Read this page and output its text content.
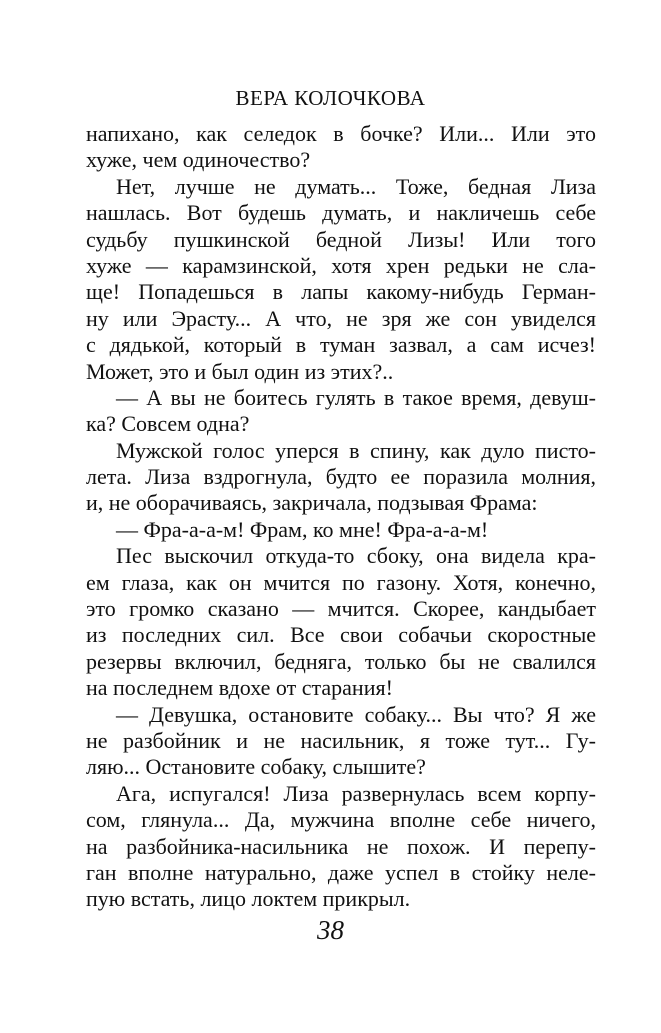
ВЕРА КОЛОЧКОВА
напихано, как селедок в бочке? Или... Или это
хуже, чем одиночество?
Нет, лучше не думать... Тоже, бедная Лиза
нашлась. Вот будешь думать, и накличешь себе
судьбу пушкинской бедной Лизы! Или того
хуже — карамзинской, хотя хрен редьки не сла-
ще! Попадешься в лапы какому-нибудь Герман-
ну или Эрасту... А что, не зря же сон увиделся
с дядькой, который в туман зазвал, а сам исчез!
Может, это и был один из этих?..
— А вы не боитесь гулять в такое время, девуш-
ка? Совсем одна?
Мужской голос уперся в спину, как дуло писто-
лета. Лиза вздрогнула, будто ее поразила молния,
и, не оборачиваясь, закричала, подзывая Фрама:
— Фра-а-а-м! Фрам, ко мне! Фра-а-а-м!
Пес выскочил откуда-то сбоку, она видела кра-
ем глаза, как он мчится по газону. Хотя, конечно,
это громко сказано — мчится. Скорее, кандыбает
из последних сил. Все свои собачьи скоростные
резервы включил, бедняга, только бы не свалился
на последнем вдохе от старания!
— Девушка, остановите собаку... Вы что? Я же
не разбойник и не насильник, я тоже тут... Гу-
ляю... Остановите собаку, слышите?
Ага, испугался! Лиза развернулась всем корпу-
сом, глянула... Да, мужчина вполне себе ничего,
на разбойника-насильника не похож. И перепу-
ган вполне натурально, даже успел в стойку неле-
пую встать, лицо локтем прикрыл.
38
